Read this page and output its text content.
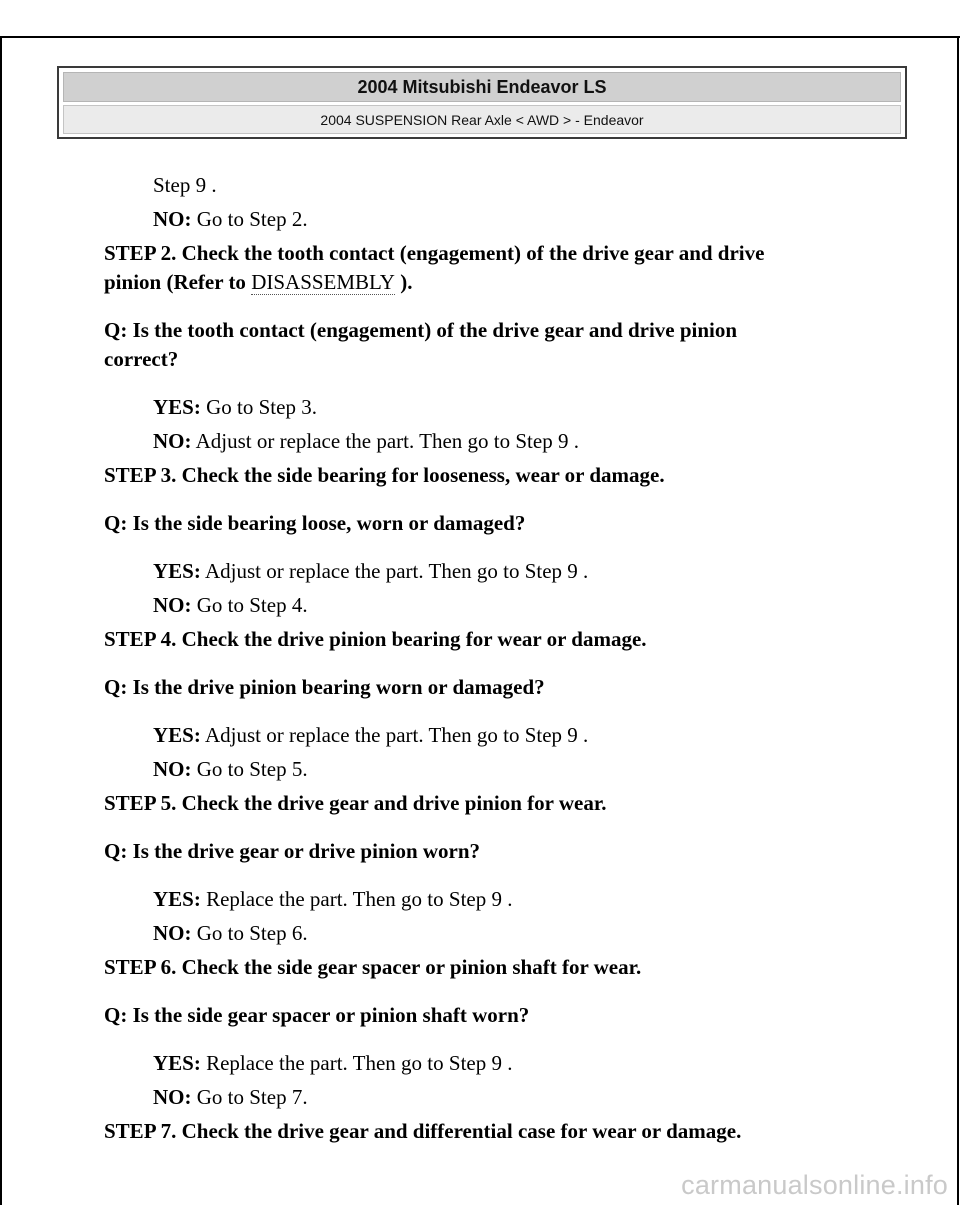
2004 Mitsubishi Endeavor LS
2004 SUSPENSION Rear Axle < AWD > - Endeavor
Step 9 .
NO: Go to Step 2.
STEP 2. Check the tooth contact (engagement) of the drive gear and drive
pinion (Refer to DISASSEMBLY ).
Q: Is the tooth contact (engagement) of the drive gear and drive pinion
correct?
YES: Go to Step 3.
NO: Adjust or replace the part. Then go to Step 9 .
STEP 3. Check the side bearing for looseness, wear or damage.
Q: Is the side bearing loose, worn or damaged?
YES: Adjust or replace the part. Then go to Step 9 .
NO: Go to Step 4.
STEP 4. Check the drive pinion bearing for wear or damage.
Q: Is the drive pinion bearing worn or damaged?
YES: Adjust or replace the part. Then go to Step 9 .
NO: Go to Step 5.
STEP 5. Check the drive gear and drive pinion for wear.
Q: Is the drive gear or drive pinion worn?
YES: Replace the part. Then go to Step 9 .
NO: Go to Step 6.
STEP 6. Check the side gear spacer or pinion shaft for wear.
Q: Is the side gear spacer or pinion shaft worn?
YES: Replace the part. Then go to Step 9 .
NO: Go to Step 7.
STEP 7. Check the drive gear and differential case for wear or damage.
carmanualsonline.info
